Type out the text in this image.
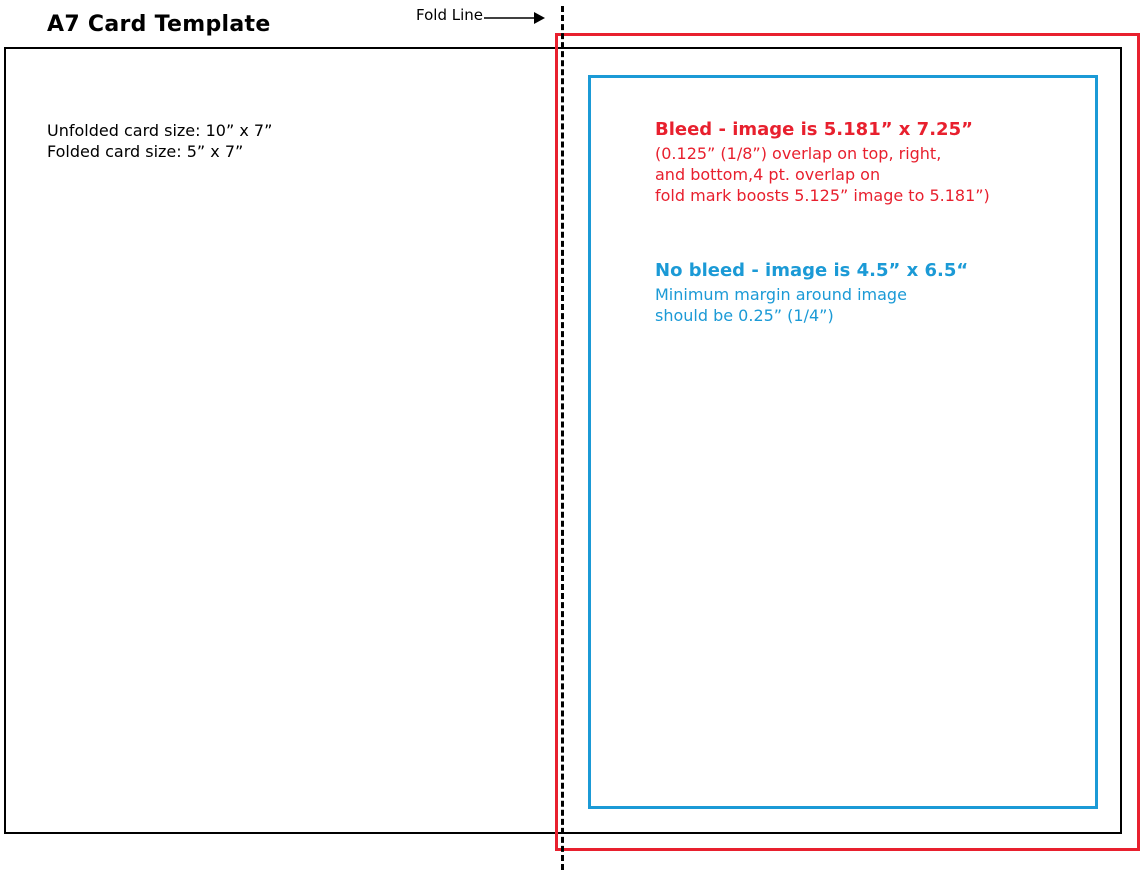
A7 Card Template	Fold Line
Unfolded card size: 10” x 7”
Folded card size: 5” x 7”
Bleed - image is 5.181” x 7.25”
(0.125” (1/8”) overlap on top, right,
and bottom,4 pt. overlap on
fold mark boosts 5.125” image to 5.181”)
No bleed - image is 4.5” x 6.5“
Minimum margin around image
should be 0.25” (1/4”)
